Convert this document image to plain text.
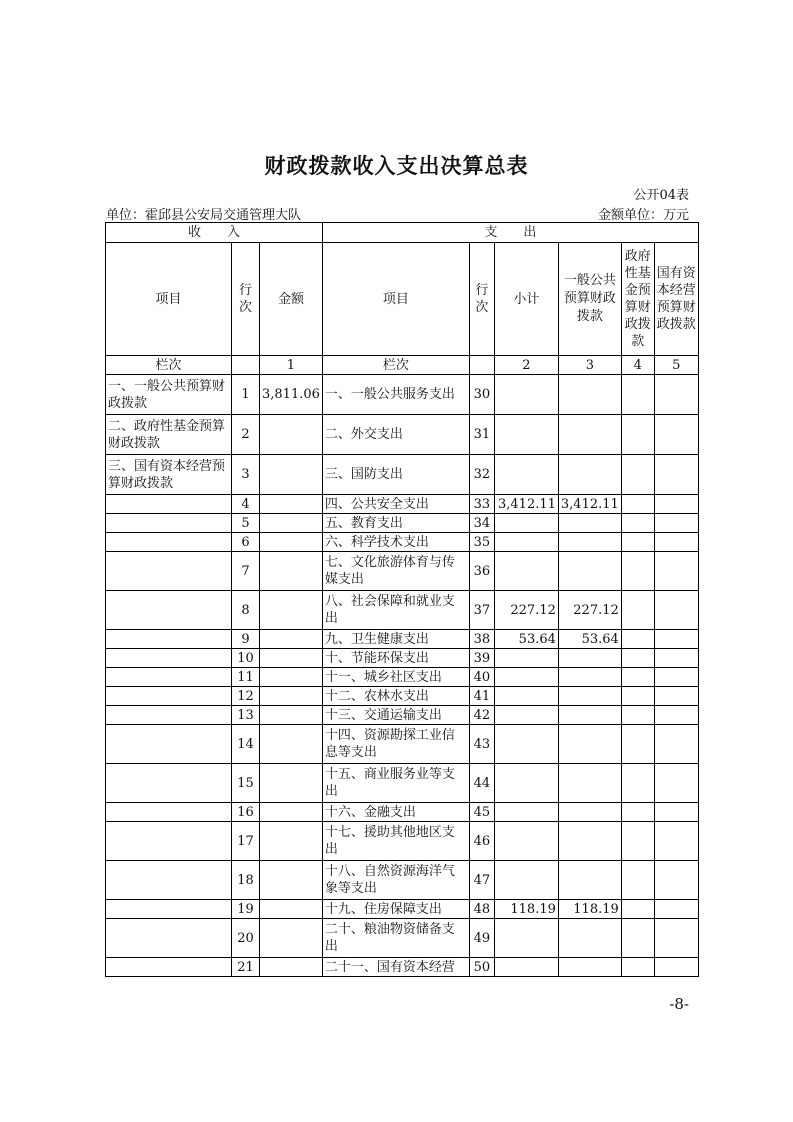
财政拨款收入支出决算总表
公开04表
单位：霍邱县公安局交通管理大队	金额单位：万元
收　　入			支　　出					
项目	行次	金额	项目	行次	小计	一般公共预算财政拨款	政府性基金预算财政拨款	国有资本经营预算财政拨款
栏次		1	栏次		2	3	4	5
一、一般公共预算财政拨款	1	3,811.06	一、一般公共服务支出	30				
二、政府性基金预算财政拨款	2		二、外交支出	31				
三、国有资本经营预算财政拨款	3		三、国防支出	32				
	4		四、公共安全支出	33	3,412.11	3,412.11		
	5		五、教育支出	34				
	6		六、科学技术支出	35				
	7		七、文化旅游体育与传媒支出	36				
	8		八、社会保障和就业支出	37	227.12	227.12		
	9		九、卫生健康支出	38	53.64	53.64		
	10		十、节能环保支出	39				
	11		十一、城乡社区支出	40				
	12		十二、农林水支出	41				
	13		十三、交通运输支出	42				
	14		十四、资源勘探工业信息等支出	43				
	15		十五、商业服务业等支出	44				
	16		十六、金融支出	45				
	17		十七、援助其他地区支出	46				
	18		十八、自然资源海洋气象等支出	47				
	19		十九、住房保障支出	48	118.19	118.19		
	20		二十、粮油物资储备支出	49				
	21		二十一、国有资本经营	50				
-8-
